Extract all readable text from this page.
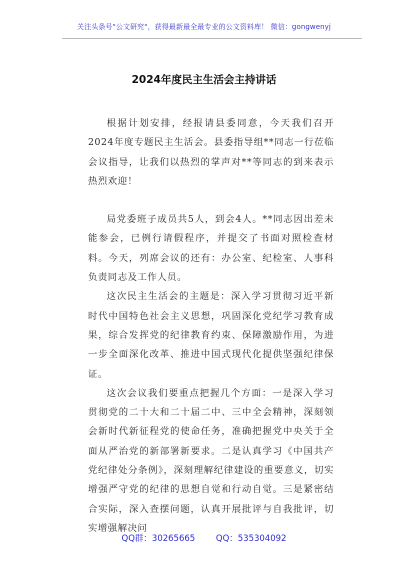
关注头条号"公文研究"，获得最新最全最专业的公文资料库！ 微信：gongwenyj
2024年度民主生活会主持讲话

根据计划安排，经报请县委同意，今天我们召开2024年度专题民主生活会。县委指导组**同志一行莅临会议指导，让我们以热烈的掌声对**等同志的到来表示热烈欢迎！

局党委班子成员共5人，到会4人。**同志因出差未能参会，已例行请假程序，并提交了书面对照检查材料。今天，列席会议的还有：办公室、纪检室、人事科负责同志及工作人员。

这次民主生活会的主题是：深入学习贯彻习近平新时代中国特色社会主义思想，巩固深化党纪学习教育成果，综合发挥党的纪律教育约束、保障激励作用，为进一步全面深化改革、推进中国式现代化提供坚强纪律保证。

这次会议我们要重点把握几个方面：一是深入学习贯彻党的二十大和二十届二中、三中全会精神，深刻领会新时代新征程党的使命任务，准确把握党中央关于全面从严治党的新部署新要求。二是认真学习《中国共产党纪律处分条例》，深刻理解纪律建设的重要意义，切实增强严守党的纪律的思想自觉和行动自觉。三是紧密结合实际，深入查摆问题，认真开展批评与自我批评，切实增强解决问

QQ群：30265665 QQ：535304092
